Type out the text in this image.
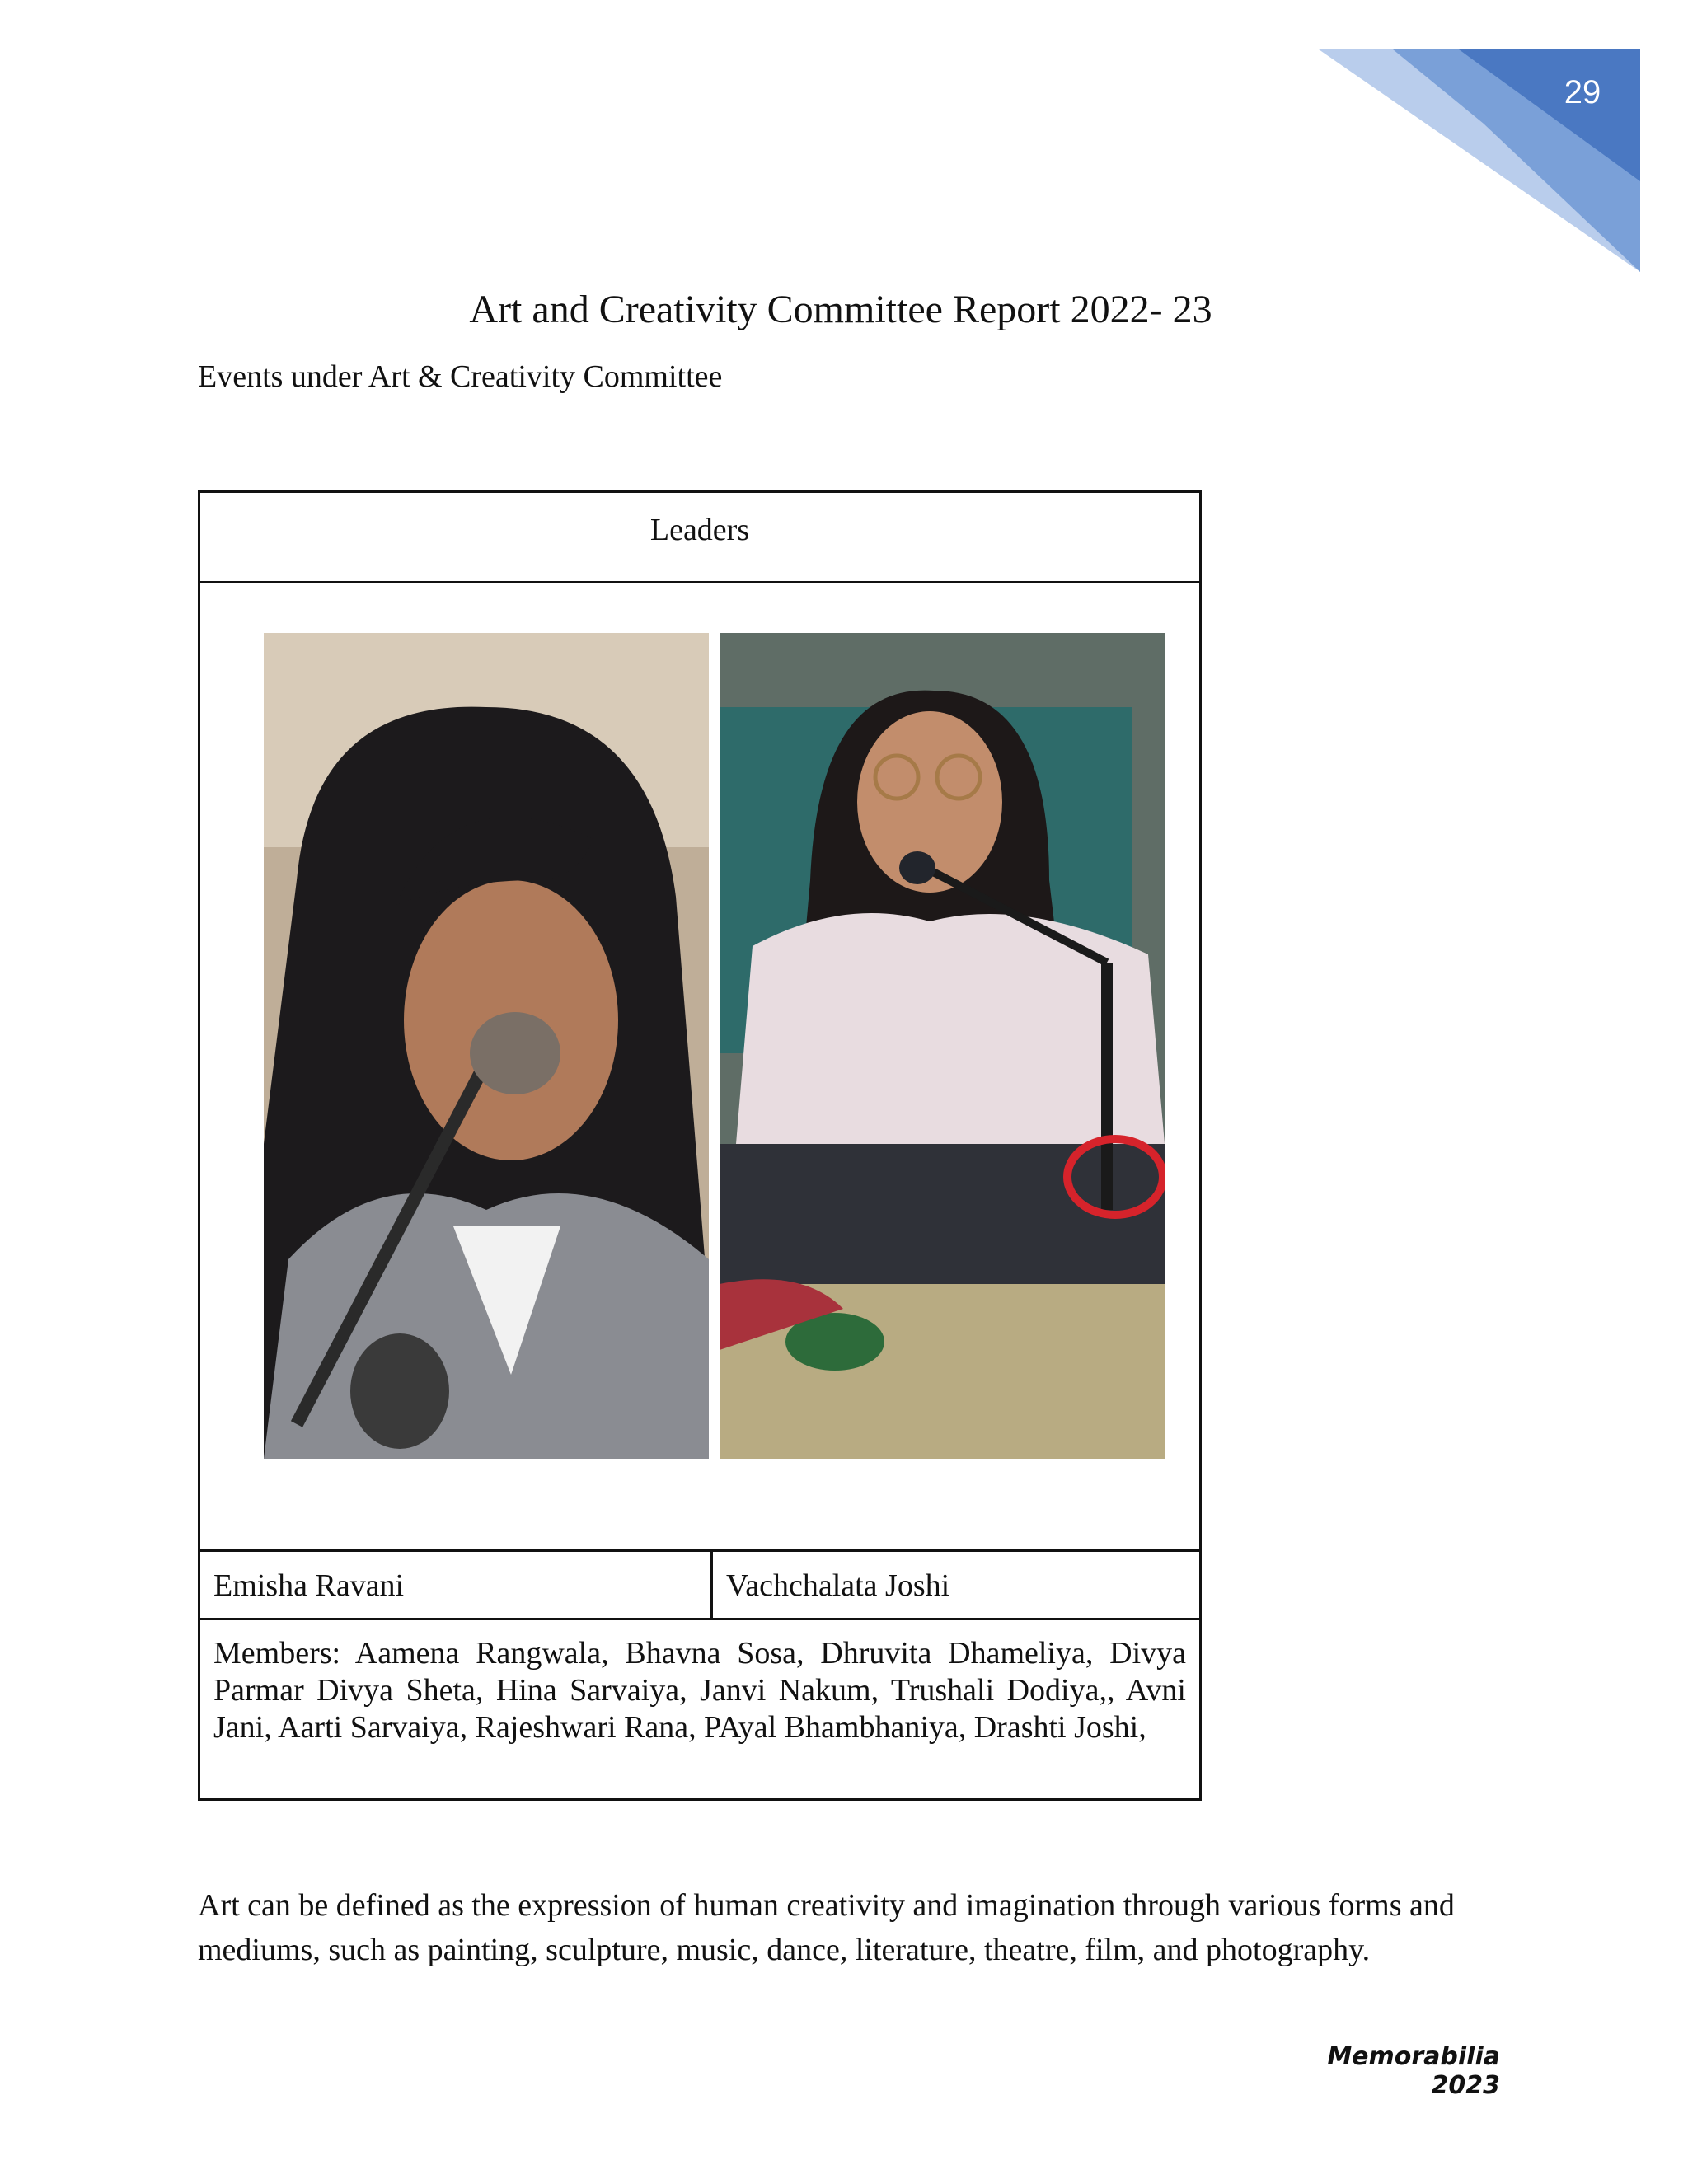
29
Art and Creativity Committee Report 2022- 23
Events under Art & Creativity Committee
Leaders
Emisha Ravani	Vachchalata Joshi
Members: Aamena Rangwala, Bhavna Sosa, Dhruvita Dhameliya, Divya Parmar Divya Sheta, Hina Sarvaiya, Janvi Nakum, Trushali Dodiya,, Avni Jani, Aarti Sarvaiya, Rajeshwari Rana, PAyal Bhambhaniya, Drashti Joshi,
Art can be defined as the expression of human creativity and imagination through various forms and mediums, such as painting, sculpture, music, dance, literature, theatre, film, and photography.
Memorabilia 2023
